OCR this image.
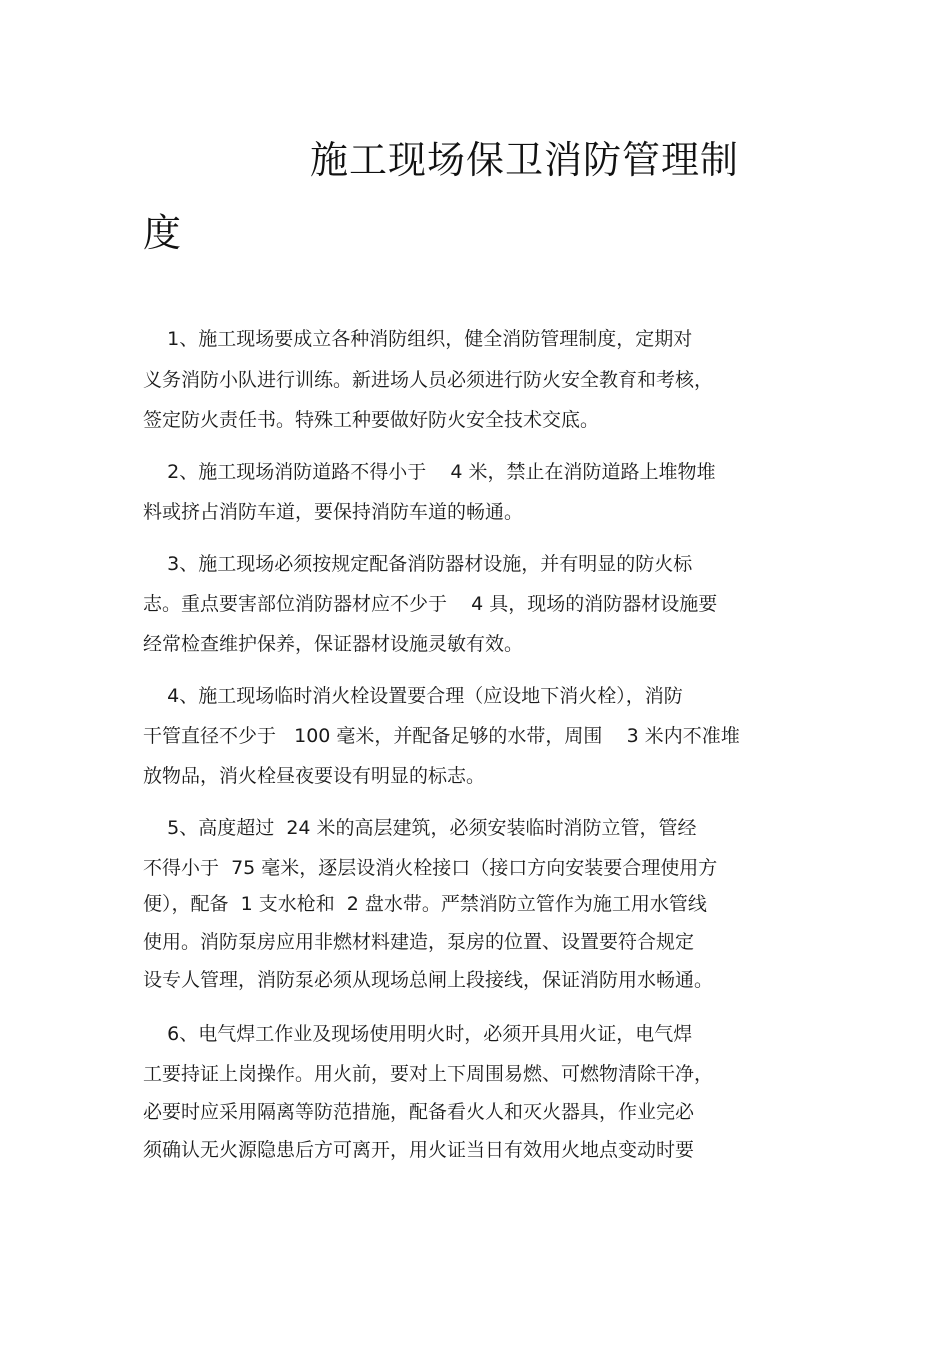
施工现场保卫消防管理制
度
1、施工现场要成立各种消防组织，健全消防管理制度，定期对
义务消防小队进行训练。新进场人员必须进行防火安全教育和考核，
签定防火责任书。特殊工种要做好防火安全技术交底。
2、施工现场消防道路不得小于    4 米，禁止在消防道路上堆物堆
料或挤占消防车道，要保持消防车道的畅通。
3、施工现场必须按规定配备消防器材设施，并有明显的防火标
志。重点要害部位消防器材应不少于    4 具，现场的消防器材设施要
经常检查维护保养，保证器材设施灵敏有效。
4、施工现场临时消火栓设置要合理（应设地下消火栓），消防
干管直径不少于   100 毫米，并配备足够的水带，周围    3 米内不准堆
放物品，消火栓昼夜要设有明显的标志。
5、高度超过  24 米的高层建筑，必须安装临时消防立管，管经
不得小于  75 毫米，逐层设消火栓接口（接口方向安装要合理使用方
便），配备  1 支水枪和  2 盘水带。严禁消防立管作为施工用水管线
使用。消防泵房应用非燃材料建造，泵房的位置、设置要符合规定
设专人管理，消防泵必须从现场总闸上段接线，保证消防用水畅通。
6、电气焊工作业及现场使用明火时，必须开具用火证，电气焊
工要持证上岗操作。用火前，要对上下周围易燃、可燃物清除干净，
必要时应采用隔离等防范措施，配备看火人和灭火器具，作业完必
须确认无火源隐患后方可离开，用火证当日有效用火地点变动时要
